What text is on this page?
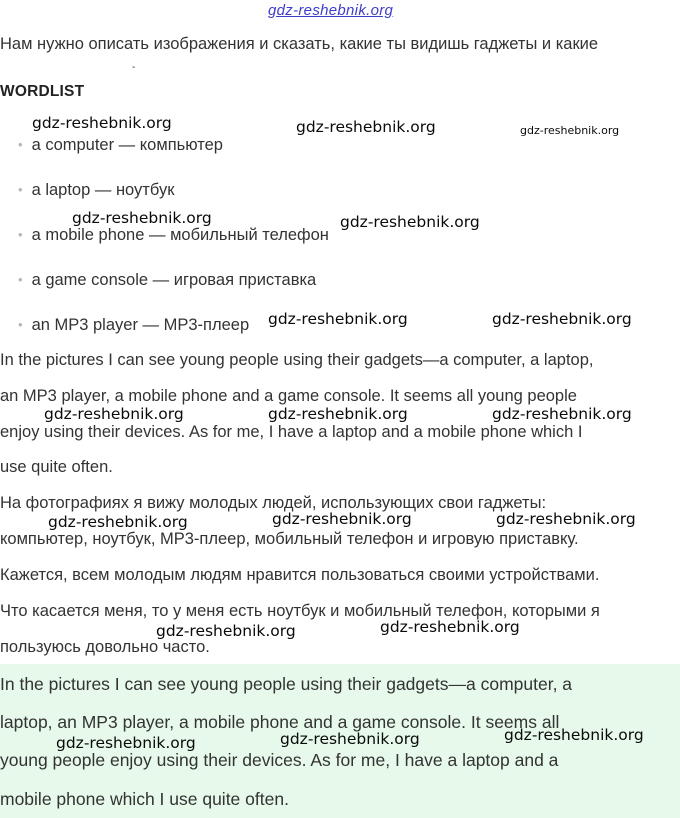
gdz-reshebnik.org
Нам нужно описать изображения и сказать, какие ты видишь гаджеты и какие
-
WORDLIST
• a computer — компьютер
• a laptop — ноутбук
• a mobile phone — мобильный телефон
• a game console — игровая приставка
• an MP3 player — MP3-плеер
In the pictures I can see young people using their gadgets—a computer, a laptop,
an MP3 player, a mobile phone and a game console. It seems all young people
enjoy using their devices. As for me, I have a laptop and a mobile phone which I
use quite often.
На фотографиях я вижу молодых людей, использующих свои гаджеты:
компьютер, ноутбук, MP3-плеер, мобильный телефон и игровую приставку.
Кажется, всем молодым людям нравится пользоваться своими устройствами.
Что касается меня, то у меня есть ноутбук и мобильный телефон, которыми я
пользуюсь довольно часто.
In the pictures I can see young people using their gadgets—a computer, a
laptop, an MP3 player, a mobile phone and a game console. It seems all
young people enjoy using their devices. As for me, I have a laptop and a
mobile phone which I use quite often.
gdz-reshebnik.org	gdz-reshebnik.org	gdz-reshebnik.org
gdz-reshebnik.org	gdz-reshebnik.org
gdz-reshebnik.org	gdz-reshebnik.org
gdz-reshebnik.org	gdz-reshebnik.org	gdz-reshebnik.org
gdz-reshebnik.org	gdz-reshebnik.org	gdz-reshebnik.org
gdz-reshebnik.org	gdz-reshebnik.org
gdz-reshebnik.org	gdz-reshebnik.org	gdz-reshebnik.org
